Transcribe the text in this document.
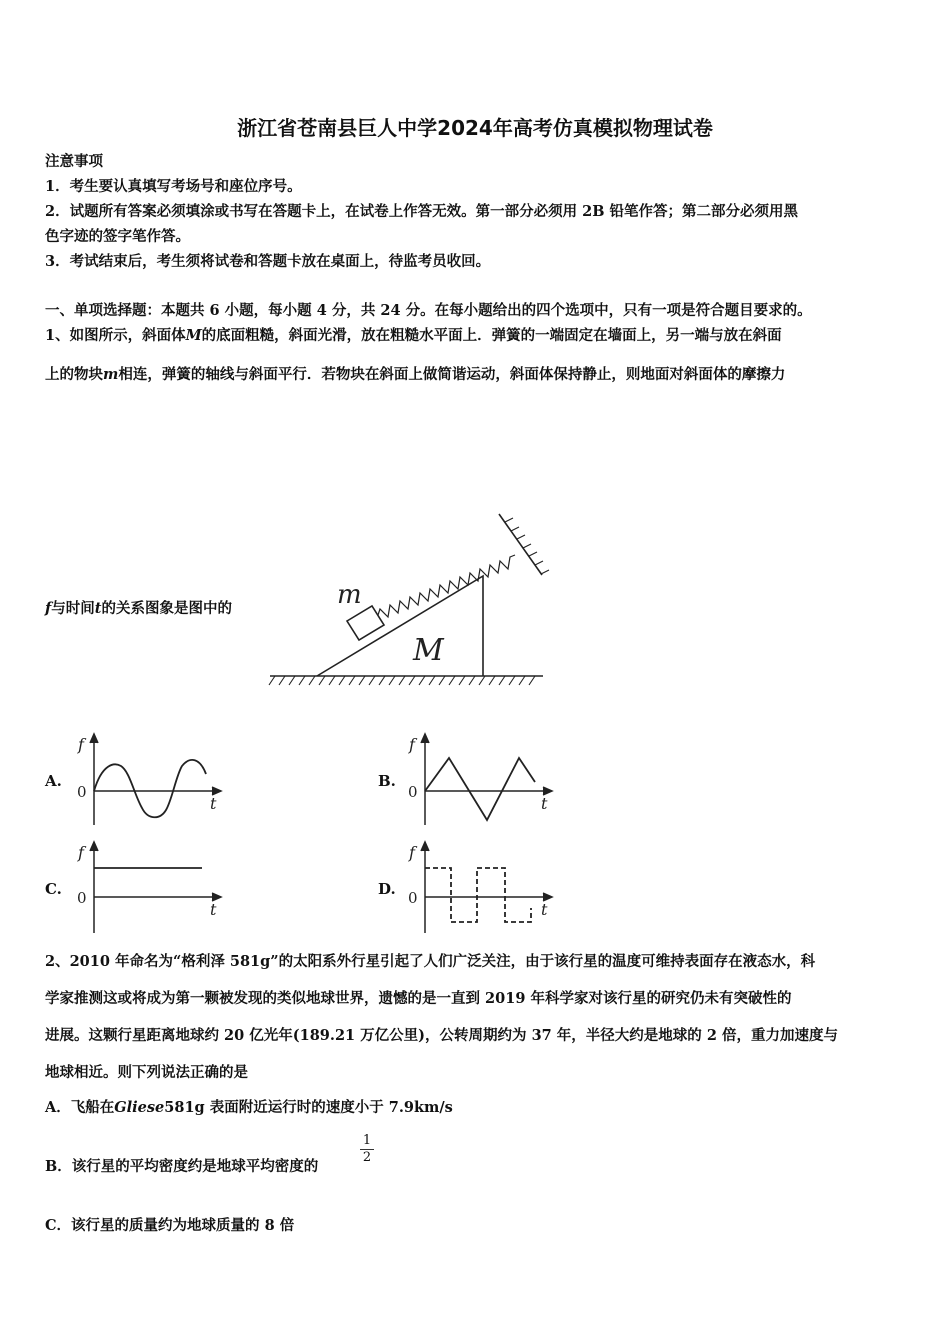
浙江省苍南县巨人中学2024年高考仿真模拟物理试卷
注意事项
1．考生要认真填写考场号和座位序号。
2．试题所有答案必须填涂或书写在答题卡上，在试卷上作答无效。第一部分必须用 2B 铅笔作答；第二部分必须用黑
色字迹的签字笔作答。
3．考试结束后，考生须将试卷和答题卡放在桌面上，待监考员收回。
一、单项选择题：本题共 6 小题，每小题 4 分，共 24 分。在每小题给出的四个选项中，只有一项是符合题目要求的。
1、如图所示，斜面体M的底面粗糙，斜面光滑，放在粗糙水平面上．弹簧的一端固定在墙面上，另一端与放在斜面
上的物块m相连，弹簧的轴线与斜面平行．若物块在斜面上做简谐运动，斜面体保持静止，则地面对斜面体的摩擦力
f与时间t的关系图象是图中的	m
M
A.
f
t
0
B.
f
t
0
C.
f
t
0	D.
f
t
0
2、2010 年命名为“格利泽 581g”的太阳系外行星引起了人们广泛关注，由于该行星的温度可维持表面存在液态水，科
学家推测这或将成为第一颗被发现的类似地球世界，遗憾的是一直到 2019 年科学家对该行星的研究仍未有突破性的
进展。这颗行星距离地球约 20 亿光年(189.21 万亿公里)，公转周期约为 37 年，半径大约是地球的 2 倍，重力加速度与
地球相近。则下列说法正确的是
A．飞船在Gliese581g 表面附近运行时的速度小于 7.9km/s
B．该行星的平均密度约是地球平均密度的
$\frac{1}{2}$
C．该行星的质量约为地球质量的 8 倍
